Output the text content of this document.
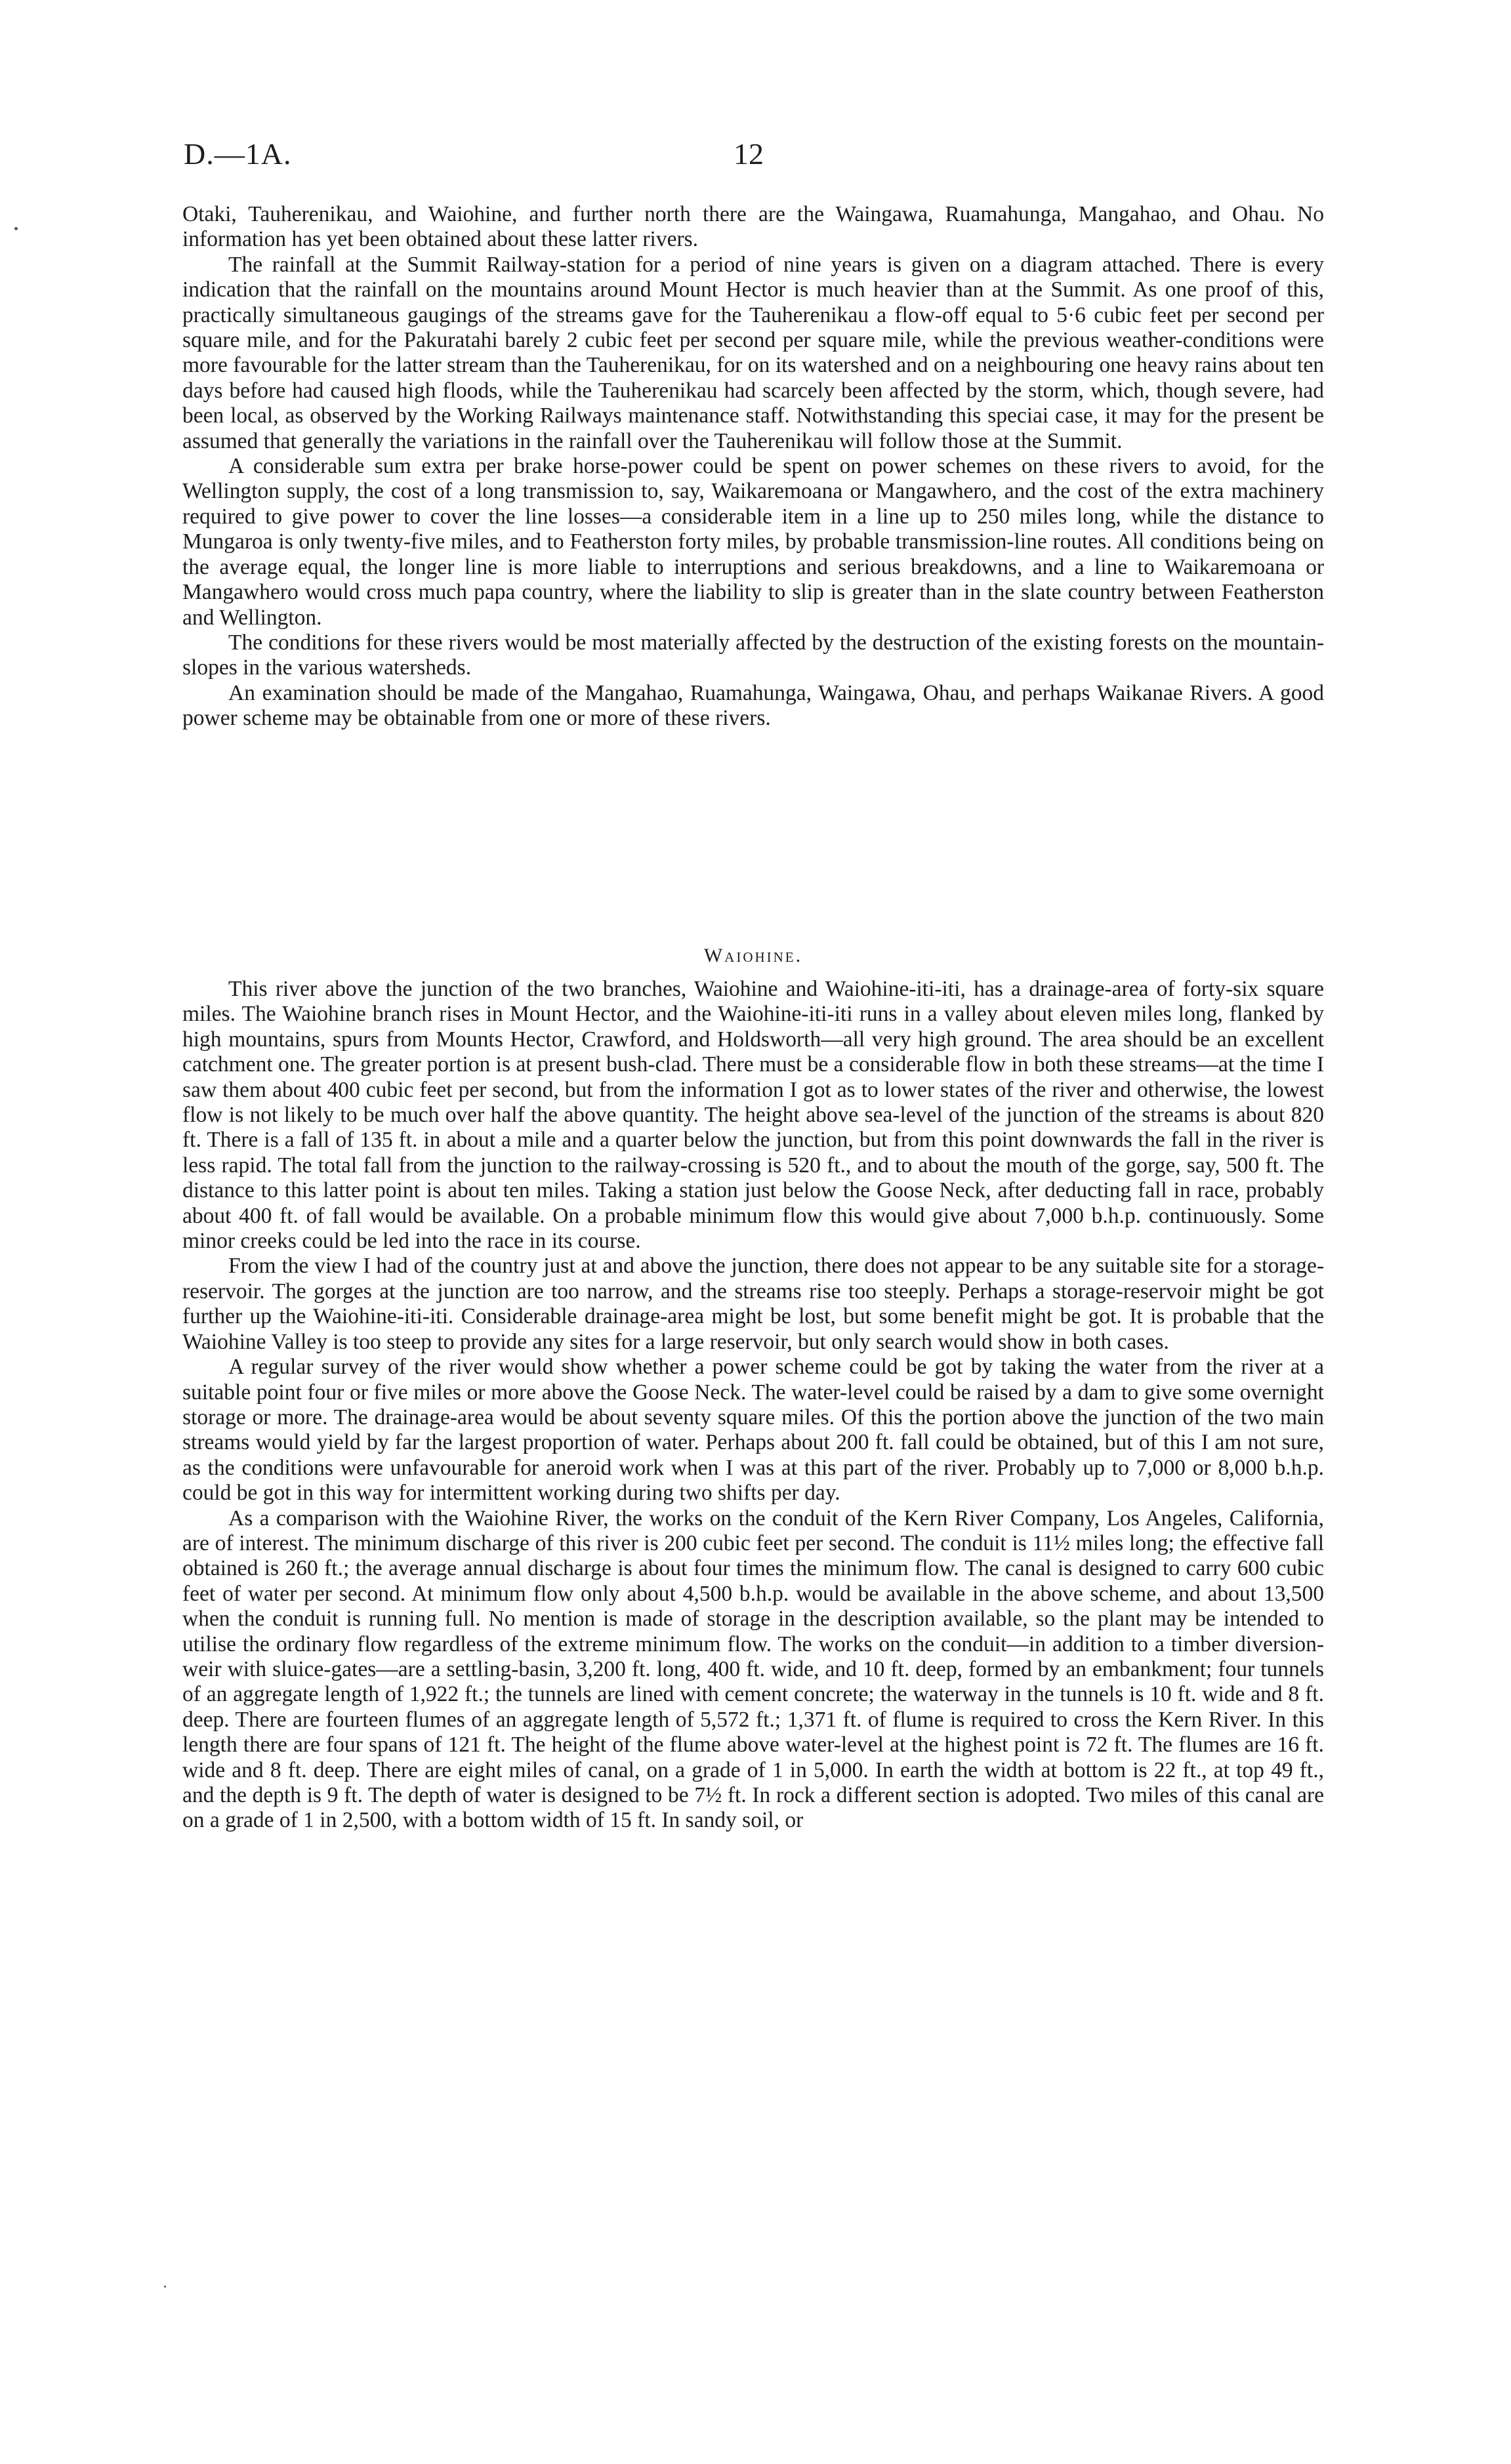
D.—1A.	12

Otaki, Tauherenikau, and Waiohine, and further north there are the Waingawa, Ruamahunga, Mangahao, and Ohau. No information has yet been obtained about these latter rivers.

The rainfall at the Summit Railway-station for a period of nine years is given on a diagram attached. There is every indication that the rainfall on the mountains around Mount Hector is much heavier than at the Summit. As one proof of this, practically simultaneous gaugings of the streams gave for the Tauherenikau a flow-off equal to 5·6 cubic feet per second per square mile, and for the Pakuratahi barely 2 cubic feet per second per square mile, while the previous weather-conditions were more favourable for the latter stream than the Tauherenikau, for on its watershed and on a neighbouring one heavy rains about ten days before had caused high floods, while the Tauherenikau had scarcely been affected by the storm, which, though severe, had been local, as observed by the Working Railways maintenance staff. Notwithstanding this speciai case, it may for the present be assumed that generally the variations in the rainfall over the Tauherenikau will follow those at the Summit.

A considerable sum extra per brake horse-power could be spent on power schemes on these rivers to avoid, for the Wellington supply, the cost of a long transmission to, say, Waikaremoana or Mangawhero, and the cost of the extra machinery required to give power to cover the line losses—a considerable item in a line up to 250 miles long, while the distance to Mungaroa is only twenty-five miles, and to Featherston forty miles, by probable transmission-line routes. All conditions being on the average equal, the longer line is more liable to interruptions and serious breakdowns, and a line to Waikaremoana or Mangawhero would cross much papa country, where the liability to slip is greater than in the slate country between Featherston and Wellington.

The conditions for these rivers would be most materially affected by the destruction of the existing forests on the mountain-slopes in the various watersheds.

An examination should be made of the Mangahao, Ruamahunga, Waingawa, Ohau, and perhaps Waikanae Rivers. A good power scheme may be obtainable from one or more of these rivers.

Waiohine.

This river above the junction of the two branches, Waiohine and Waiohine-iti-iti, has a drainage-area of forty-six square miles. The Waiohine branch rises in Mount Hector, and the Waiohine-iti-iti runs in a valley about eleven miles long, flanked by high mountains, spurs from Mounts Hector, Crawford, and Holdsworth—all very high ground. The area should be an excellent catchment one. The greater portion is at present bush-clad. There must be a considerable flow in both these streams—at the time I saw them about 400 cubic feet per second, but from the information I got as to lower states of the river and otherwise, the lowest flow is not likely to be much over half the above quantity. The height above sea-level of the junction of the streams is about 820 ft. There is a fall of 135 ft. in about a mile and a quarter below the junction, but from this point downwards the fall in the river is less rapid. The total fall from the junction to the railway-crossing is 520 ft., and to about the mouth of the gorge, say, 500 ft. The distance to this latter point is about ten miles. Taking a station just below the Goose Neck, after deducting fall in race, probably about 400 ft. of fall would be available. On a probable minimum flow this would give about 7,000 b.h.p. continuously. Some minor creeks could be led into the race in its course.

From the view I had of the country just at and above the junction, there does not appear to be any suitable site for a storage-reservoir. The gorges at the junction are too narrow, and the streams rise too steeply. Perhaps a storage-reservoir might be got further up the Waiohine-iti-iti. Considerable drainage-area might be lost, but some benefit might be got. It is probable that the Waiohine Valley is too steep to provide any sites for a large reservoir, but only search would show in both cases.

A regular survey of the river would show whether a power scheme could be got by taking the water from the river at a suitable point four or five miles or more above the Goose Neck. The water-level could be raised by a dam to give some overnight storage or more. The drainage-area would be about seventy square miles. Of this the portion above the junction of the two main streams would yield by far the largest proportion of water. Perhaps about 200 ft. fall could be obtained, but of this I am not sure, as the conditions were unfavourable for aneroid work when I was at this part of the river. Probably up to 7,000 or 8,000 b.h.p. could be got in this way for intermittent working during two shifts per day.

As a comparison with the Waiohine River, the works on the conduit of the Kern River Company, Los Angeles, California, are of interest. The minimum discharge of this river is 200 cubic feet per second. The conduit is 11½ miles long; the effective fall obtained is 260 ft.; the average annual discharge is about four times the minimum flow. The canal is designed to carry 600 cubic feet of water per second. At minimum flow only about 4,500 b.h.p. would be available in the above scheme, and about 13,500 when the conduit is running full. No mention is made of storage in the description available, so the plant may be intended to utilise the ordinary flow regardless of the extreme minimum flow. The works on the conduit—in addition to a timber diversion-weir with sluice-gates—are a settling-basin, 3,200 ft. long, 400 ft. wide, and 10 ft. deep, formed by an embankment; four tunnels of an aggregate length of 1,922 ft.; the tunnels are lined with cement concrete; the waterway in the tunnels is 10 ft. wide and 8 ft. deep. There are fourteen flumes of an aggregate length of 5,572 ft.; 1,371 ft. of flume is required to cross the Kern River. In this length there are four spans of 121 ft. The height of the flume above water-level at the highest point is 72 ft. The flumes are 16 ft. wide and 8 ft. deep. There are eight miles of canal, on a grade of 1 in 5,000. In earth the width at bottom is 22 ft., at top 49 ft., and the depth is 9 ft. The depth of water is designed to be 7½ ft. In rock a different section is adopted. Two miles of this canal are on a grade of 1 in 2,500, with a bottom width of 15 ft. In sandy soil, or
